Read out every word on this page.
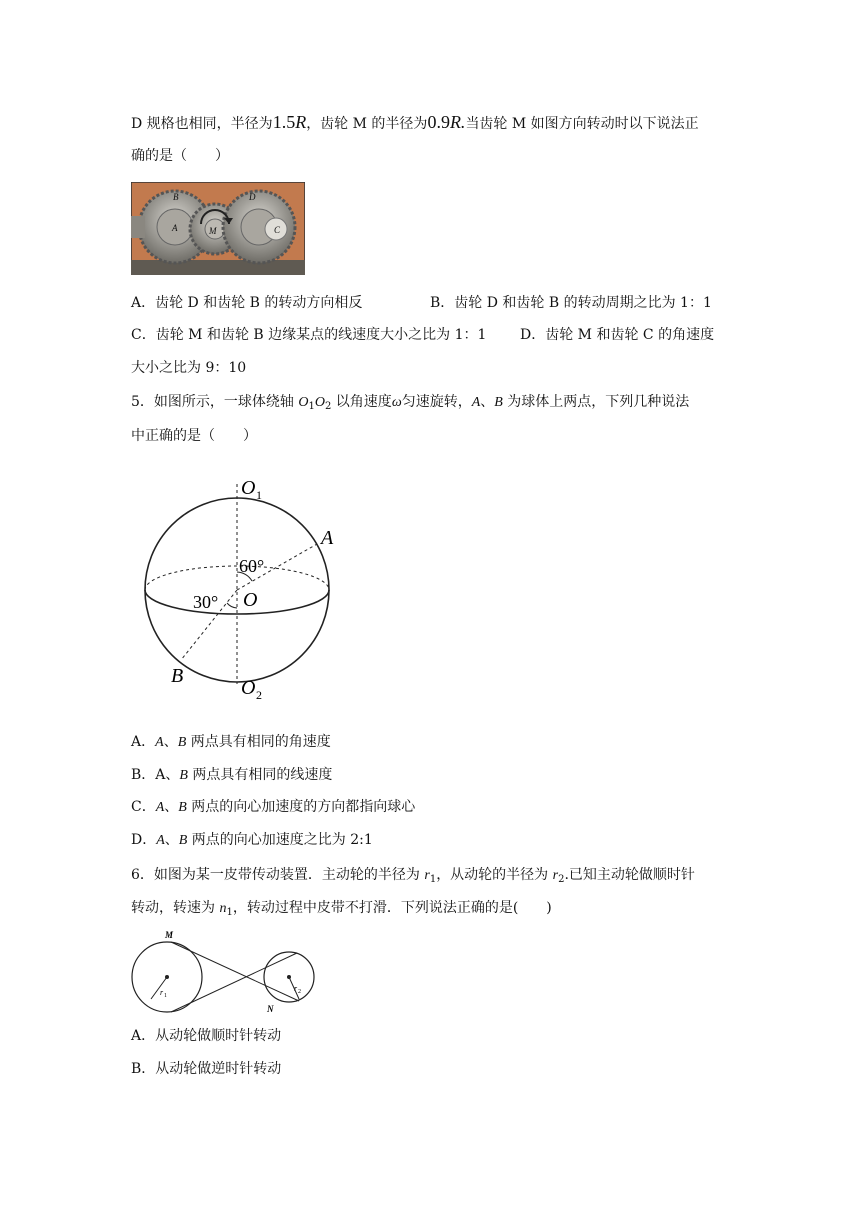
D 规格也相同，半径为1.5R，齿轮 M 的半径为0.9R.当齿轮 M 如图方向转动时以下说法正
确的是（　　）
B	D
A	M	C
A．齿轮 D 和齿轮 B 的转动方向相反	B．齿轮 D 和齿轮 B 的转动周期之比为 1：1
C．齿轮 M 和齿轮 B 边缘某点的线速度大小之比为 1：1 D．齿轮 M 和齿轮 C 的角速度
大小之比为 9：10
5．如图所示，一球体绕轴 $O_1O_2$ 以角速度ω匀速旋转，A、B 为球体上两点，下列几种说法
中正确的是（　　）
O 1
O 2
O
A
B
60°
30°
A．A、B 两点具有相同的角速度
B．A、B 两点具有相同的线速度
C．A、B 两点的向心加速度的方向都指向球心
D．A、B 两点的向心加速度之比为 2:1
6．如图为某一皮带传动装置．主动轮的半径为 $r_1$，从动轮的半径为 $r_2$.已知主动轮做顺时针
转动，转速为 $n_1$，转动过程中皮带不打滑．下列说法正确的是(　　)
M
N
r 1
r 2
A．从动轮做顺时针转动
B．从动轮做逆时针转动
